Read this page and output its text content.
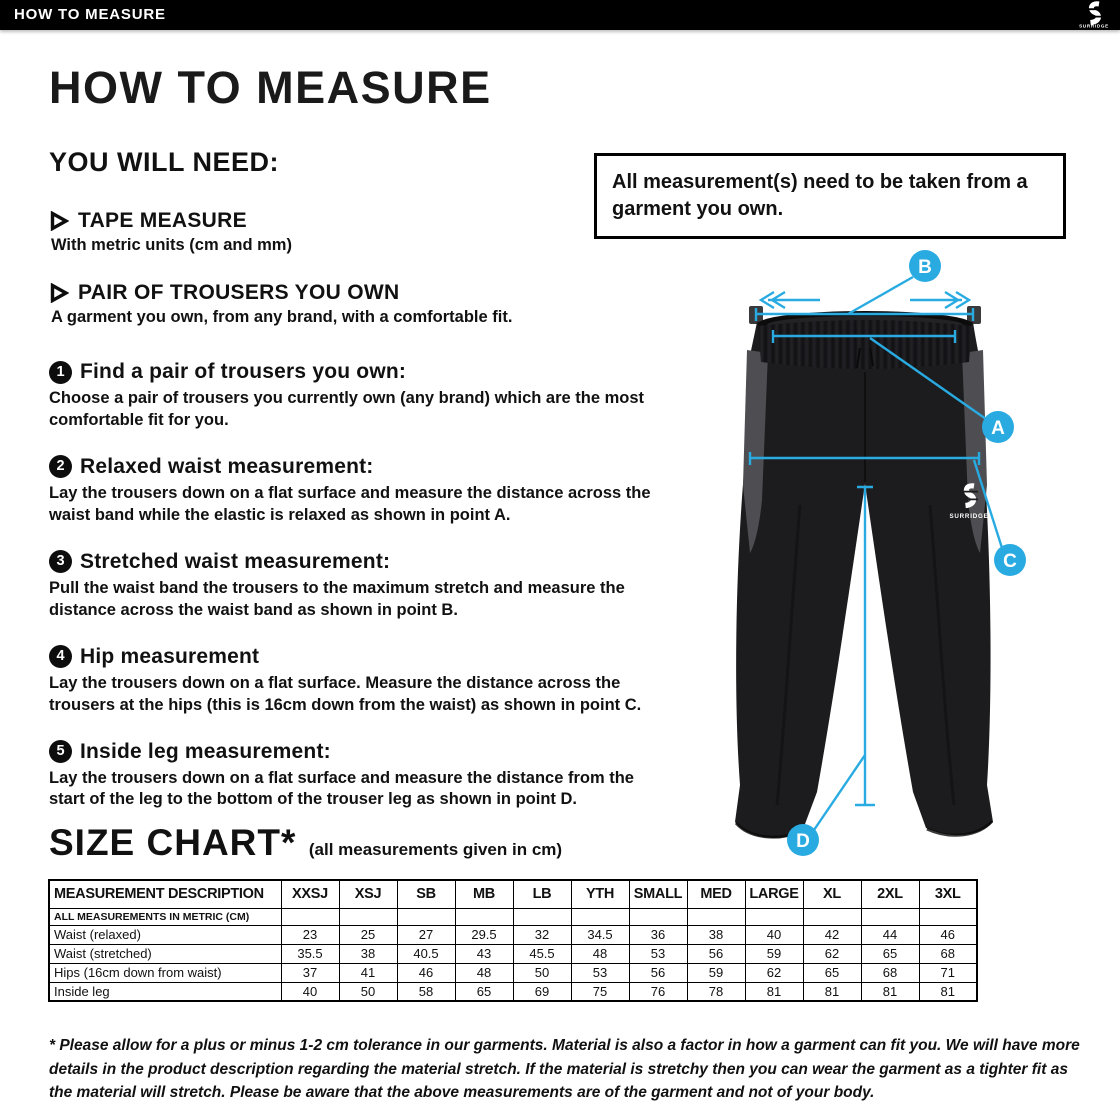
HOW TO MEASURE
SURRIDGE
HOW TO MEASURE
YOU WILL NEED:
All measurement(s) need to be taken from a garment you own.
TAPE MEASURE
With metric units (cm and mm)
PAIR OF TROUSERS YOU OWN
A garment you own, from any brand, with a comfortable fit.
1 Find a pair of trousers you own:
Choose a pair of trousers you currently own (any brand) which are the most comfortable fit for you.
2 Relaxed waist measurement:
Lay the trousers down on a flat surface and measure the distance across the waist band while the elastic is relaxed as shown in point A.
3 Stretched waist measurement:
Pull the waist band the trousers to the maximum stretch and measure the distance across the waist band as shown in point B.
4 Hip measurement
Lay the trousers down on a flat surface. Measure the distance across the trousers at the hips (this is 16cm down from the waist) as shown in point C.
5 Inside leg measurement:
Lay the trousers down on a flat surface and measure the distance from the start of the leg to the bottom of the trouser leg as shown in point D.
SURRIDGE
B
A
C
D
SIZE CHART* (all measurements given in cm)
MEASUREMENT DESCRIPTION	XXSJ	XSJ	SB	MB	LB	YTH	SMALL	MED	LARGE	XL	2XL	3XL
ALL MEASUREMENTS IN METRIC (CM)												
Waist (relaxed)	23	25	27	29.5	32	34.5	36	38	40	42	44	46
Waist (stretched)	35.5	38	40.5	43	45.5	48	53	56	59	62	65	68
Hips (16cm down from waist)	37	41	46	48	50	53	56	59	62	65	68	71
Inside leg	40	50	58	65	69	75	76	78	81	81	81	81
* Please allow for a plus or minus 1-2 cm tolerance in our garments. Material is also a factor in how a garment can fit you. We will have more details in the product description regarding the material stretch. If the material is stretchy then you can wear the garment as a tighter fit as the material will stretch. Please be aware that the above measurements are of the garment and not of your body.
